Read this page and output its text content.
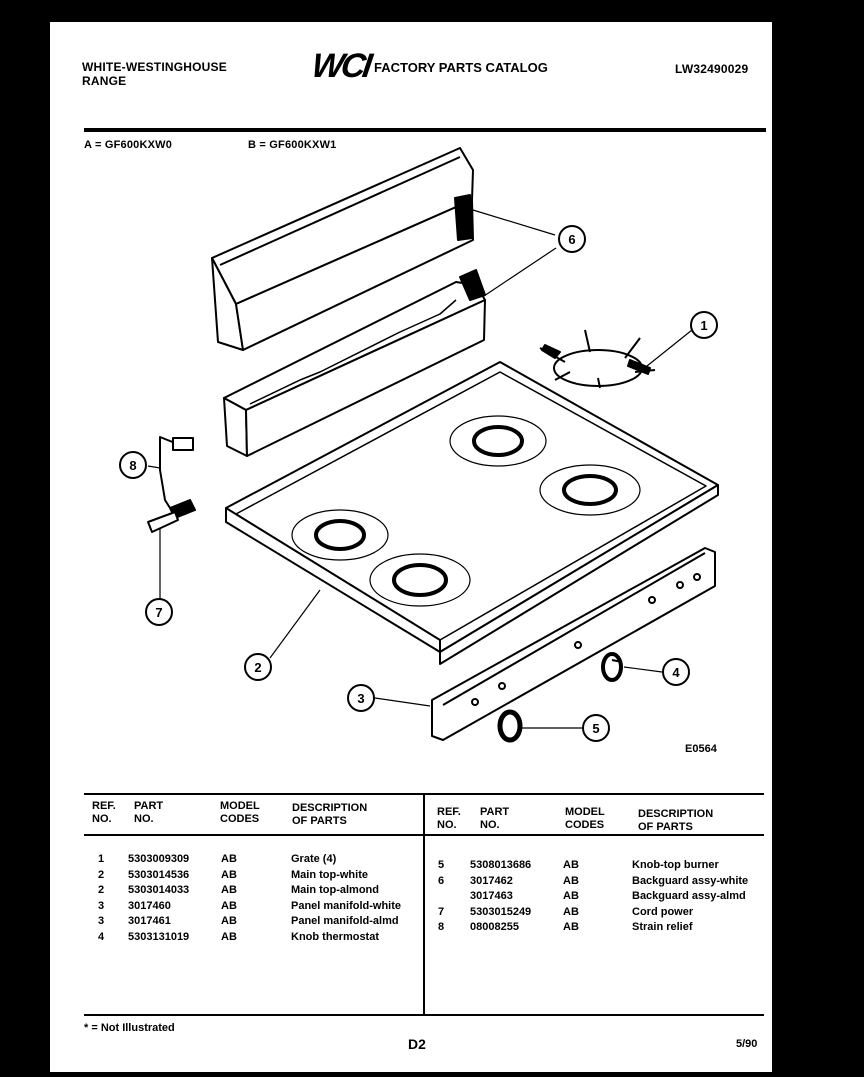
WHITE-WESTINGHOUSE
RANGE	WCI FACTORY PARTS CATALOG	LW32490029
A = GF600KXW0	B = GF600KXW1
1
2
3
4
5
6
7
8
E0564
REF.
NO.
PART
NO.
MODEL
CODES
DESCRIPTION
OF PARTS
REF.
NO.
PART
NO.
MODEL
CODES
DESCRIPTION
OF PARTS
1 5303009309	AB	Grate (4)
2 5303014536	AB	Main top-white
2 5303014033	AB	Main top-almond
3 3017460	AB	Panel manifold-white
3 3017461	AB	Panel manifold-almd
4 5303131019	AB	Knob thermostat
5 5308013686	AB	Knob-top burner
6 3017462	AB	Backguard assy-white
3017463	AB	Backguard assy-almd
7 5303015249	AB	Cord power
8 08008255	AB	Strain relief
* = Not Illustrated
D2	5/90
